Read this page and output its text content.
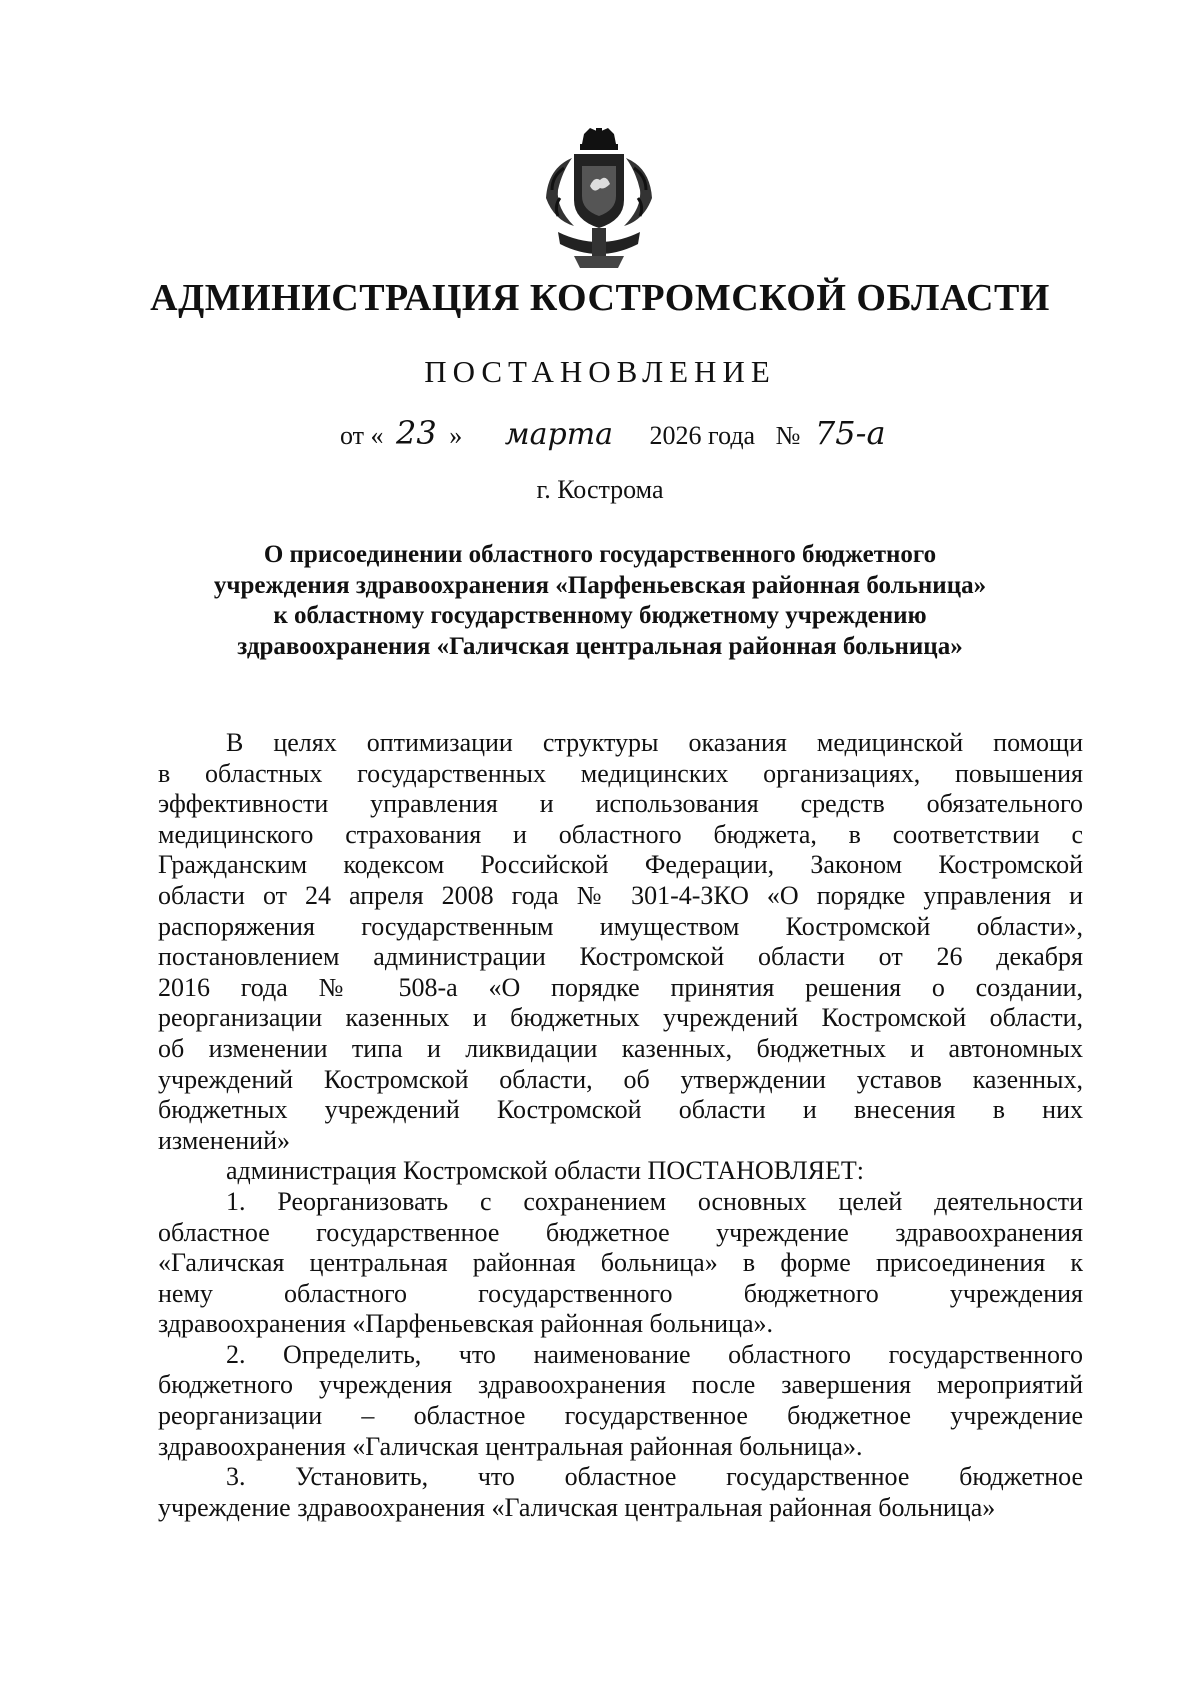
АДМИНИСТРАЦИЯ КОСТРОМСКОЙ ОБЛАСТИ
ПОСТАНОВЛЕНИЕ
от « 23 » марта 2026 года № 75-а
г. Кострома
О присоединении областного государственного бюджетного
учреждения здравоохранения «Парфеньевская районная больница»
к областному государственному бюджетному учреждению
здравоохранения «Галичская центральная районная больница»
В целях оптимизации структуры оказания медицинской помощи
в областных государственных медицинских организациях, повышения
эффективности управления и использования средств обязательного
медицинского страхования и областного бюджета, в соответствии с
Гражданским кодексом Российской Федерации, Законом Костромской
области от 24 апреля 2008 года № 301-4-ЗКО «О порядке управления и
распоряжения государственным имуществом Костромской области»,
постановлением администрации Костромской области от 26 декабря
2016 года № 508-а «О порядке принятия решения о создании,
реорганизации казенных и бюджетных учреждений Костромской области,
об изменении типа и ликвидации казенных, бюджетных и автономных
учреждений Костромской области, об утверждении уставов казенных,
бюджетных учреждений Костромской области и внесения в них
изменений»
администрация Костромской области ПОСТАНОВЛЯЕТ:
1. Реорганизовать с сохранением основных целей деятельности
областное государственное бюджетное учреждение здравоохранения
«Галичская центральная районная больница» в форме присоединения к
нему областного государственного бюджетного учреждения
здравоохранения «Парфеньевская районная больница».
2. Определить, что наименование областного государственного
бюджетного учреждения здравоохранения после завершения мероприятий
реорганизации – областное государственное бюджетное учреждение
здравоохранения «Галичская центральная районная больница».
3. Установить, что областное государственное бюджетное
учреждение здравоохранения «Галичская центральная районная больница»
